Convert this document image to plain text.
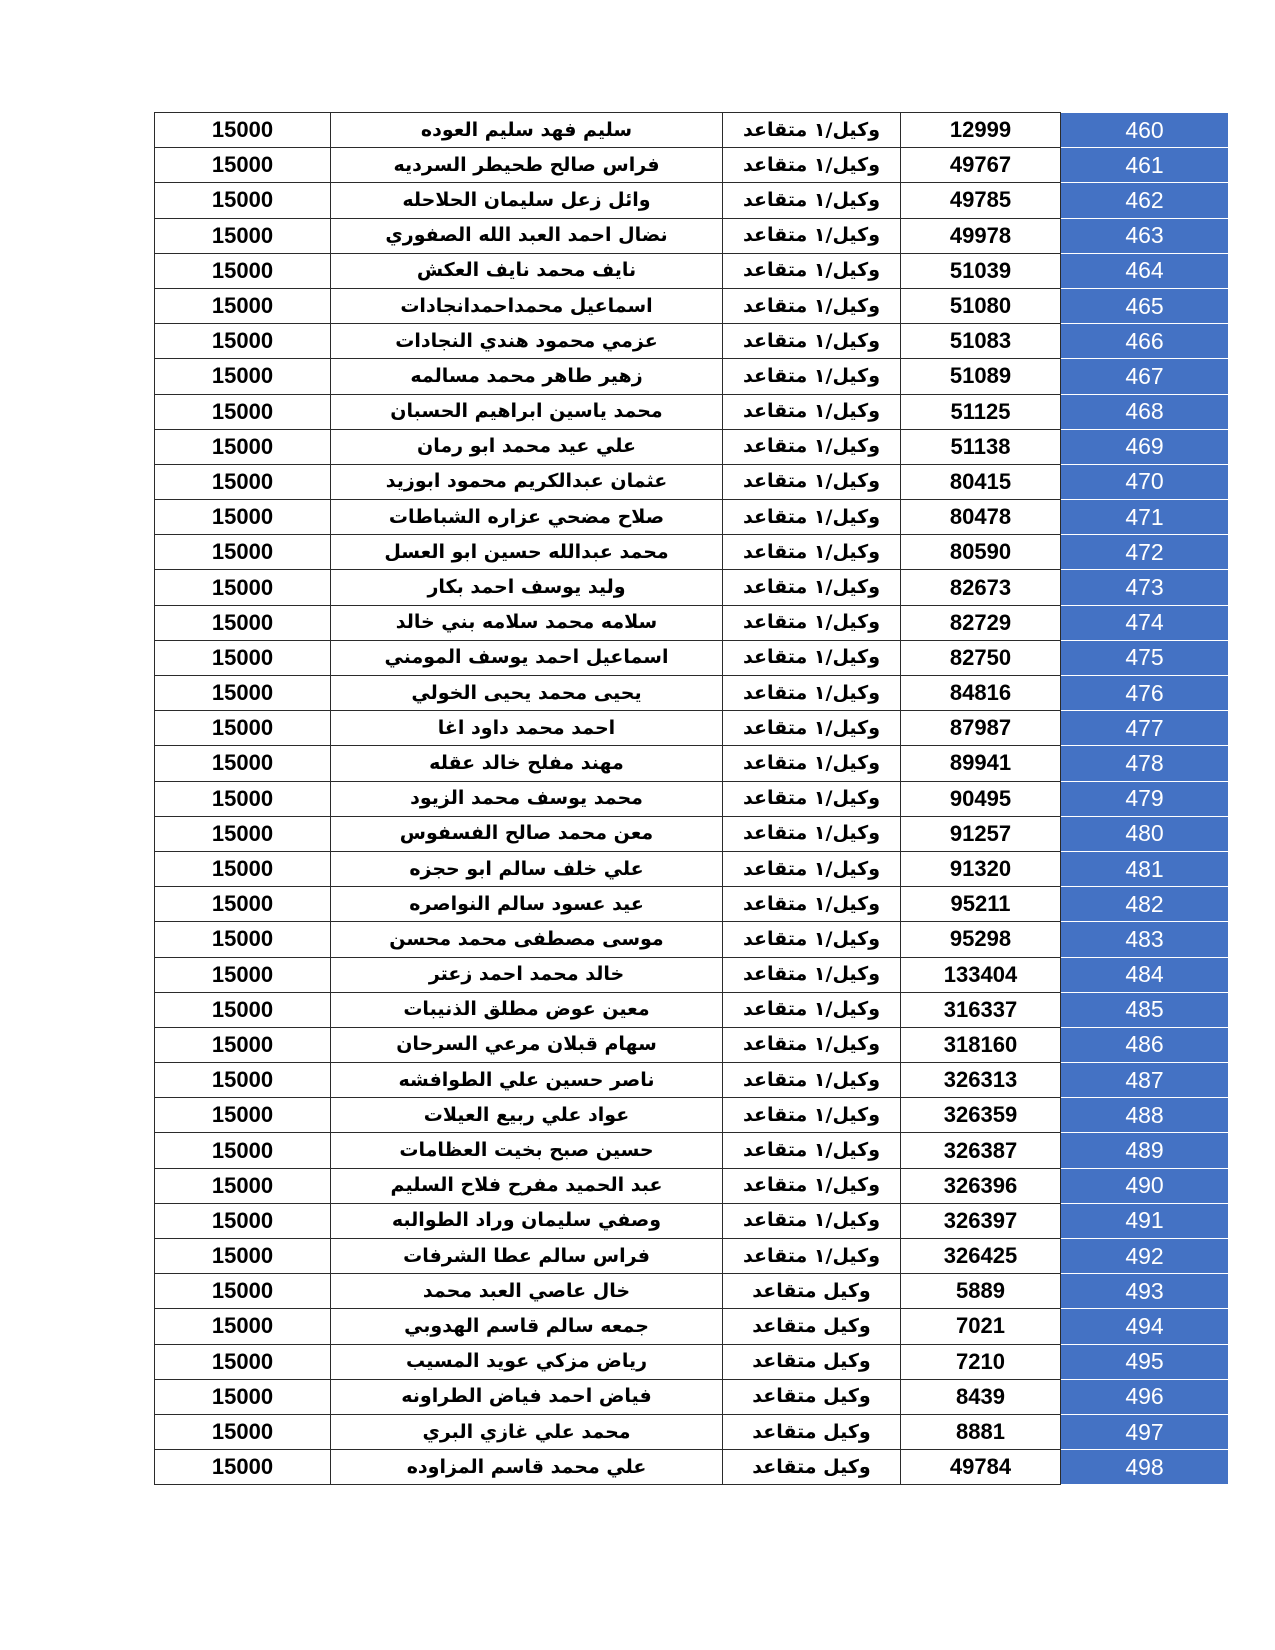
15000	سليم فهد سليم العوده	وكيل/١ متقاعد	12999	460
15000	فراس صالح طحيطر السرديه	وكيل/١ متقاعد	49767	461
15000	وائل زعل سليمان الحلاحله	وكيل/١ متقاعد	49785	462
15000	نضال احمد العبد الله الصفوري	وكيل/١ متقاعد	49978	463
15000	نايف محمد نايف العكش	وكيل/١ متقاعد	51039	464
15000	اسماعيل محمداحمدانجادات	وكيل/١ متقاعد	51080	465
15000	عزمي محمود هندي النجادات	وكيل/١ متقاعد	51083	466
15000	زهير طاهر محمد مسالمه	وكيل/١ متقاعد	51089	467
15000	محمد ياسين ابراهيم الحسبان	وكيل/١ متقاعد	51125	468
15000	علي عيد محمد ابو رمان	وكيل/١ متقاعد	51138	469
15000	عثمان عبدالكريم محمود ابوزيد	وكيل/١ متقاعد	80415	470
15000	صلاح مضحي عزاره الشباطات	وكيل/١ متقاعد	80478	471
15000	محمد عبدالله حسين ابو العسل	وكيل/١ متقاعد	80590	472
15000	وليد يوسف احمد بكار	وكيل/١ متقاعد	82673	473
15000	سلامه محمد سلامه بني خالد	وكيل/١ متقاعد	82729	474
15000	اسماعيل احمد يوسف المومني	وكيل/١ متقاعد	82750	475
15000	يحيى محمد يحيى الخولي	وكيل/١ متقاعد	84816	476
15000	احمد محمد داود اغا	وكيل/١ متقاعد	87987	477
15000	مهند مفلح خالد عقله	وكيل/١ متقاعد	89941	478
15000	محمد يوسف محمد الزيود	وكيل/١ متقاعد	90495	479
15000	معن محمد صالح الفسفوس	وكيل/١ متقاعد	91257	480
15000	علي خلف سالم ابو حجزه	وكيل/١ متقاعد	91320	481
15000	عيد عسود سالم النواصره	وكيل/١ متقاعد	95211	482
15000	موسى مصطفى محمد محسن	وكيل/١ متقاعد	95298	483
15000	خالد محمد احمد زعتر	وكيل/١ متقاعد	133404	484
15000	معين عوض مطلق الذنيبات	وكيل/١ متقاعد	316337	485
15000	سهام قبلان مرعي السرحان	وكيل/١ متقاعد	318160	486
15000	ناصر حسين علي الطوافشه	وكيل/١ متقاعد	326313	487
15000	عواد علي ربيع العيلات	وكيل/١ متقاعد	326359	488
15000	حسين صبح بخيت العظامات	وكيل/١ متقاعد	326387	489
15000	عبد الحميد مفرح فلاح السليم	وكيل/١ متقاعد	326396	490
15000	وصفي سليمان وراد الطوالبه	وكيل/١ متقاعد	326397	491
15000	فراس سالم عطا الشرفات	وكيل/١ متقاعد	326425	492
15000	خال عاصي العبد محمد	وكيل متقاعد	5889	493
15000	جمعه سالم قاسم الهدوبي	وكيل متقاعد	7021	494
15000	رياض مزكي عويد المسيب	وكيل متقاعد	7210	495
15000	فياض احمد فياض الطراونه	وكيل متقاعد	8439	496
15000	محمد علي غازي البري	وكيل متقاعد	8881	497
15000	علي محمد قاسم المزاوده	وكيل متقاعد	49784	498
